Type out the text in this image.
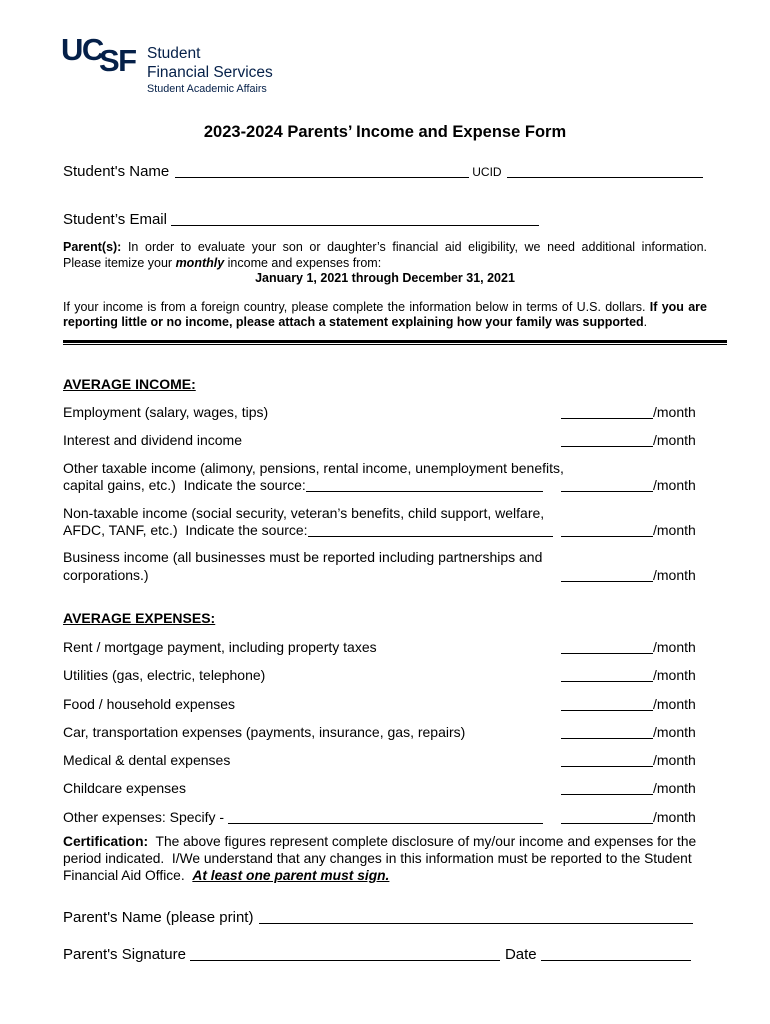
UC
SF Student
Financial Services
Student Academic Affairs
2023-2024 Parents’ Income and Expense Form
Student's Name	UCID
Student’s Email
Parent(s): In order to evaluate your son or daughter’s financial aid eligibility, we need additional information.
Please itemize your monthly income and expenses from:
January 1, 2021 through December 31, 2021
If your income is from a foreign country, please complete the information below in terms of U.S. dollars. If you are
reporting little or no income, please attach a statement explaining how your family was supported.
AVERAGE INCOME:
Employment (salary, wages, tips)	/month
Interest and dividend income	/month
Other taxable income (alimony, pensions, rental income, unemployment benefits,
capital gains, etc.)  Indicate the source:	/month
Non-taxable income (social security, veteran’s benefits, child support, welfare,
AFDC, TANF, etc.)  Indicate the source:	/month
Business income (all businesses must be reported including partnerships and
corporations.)	/month
AVERAGE EXPENSES:
Rent / mortgage payment, including property taxes	/month
Utilities (gas, electric, telephone)	/month
Food / household expenses	/month
Car, transportation expenses (payments, insurance, gas, repairs)	/month
Medical & dental expenses	/month
Childcare expenses	/month
Other expenses: Specify -	/month
Certification: The above figures represent complete disclosure of my/our income and expenses for the
period indicated.  I/We understand that any changes in this information must be reported to the Student
Financial Aid Office. At least one parent must sign.
Parent's Name (please print)
Parent's Signature	Date
